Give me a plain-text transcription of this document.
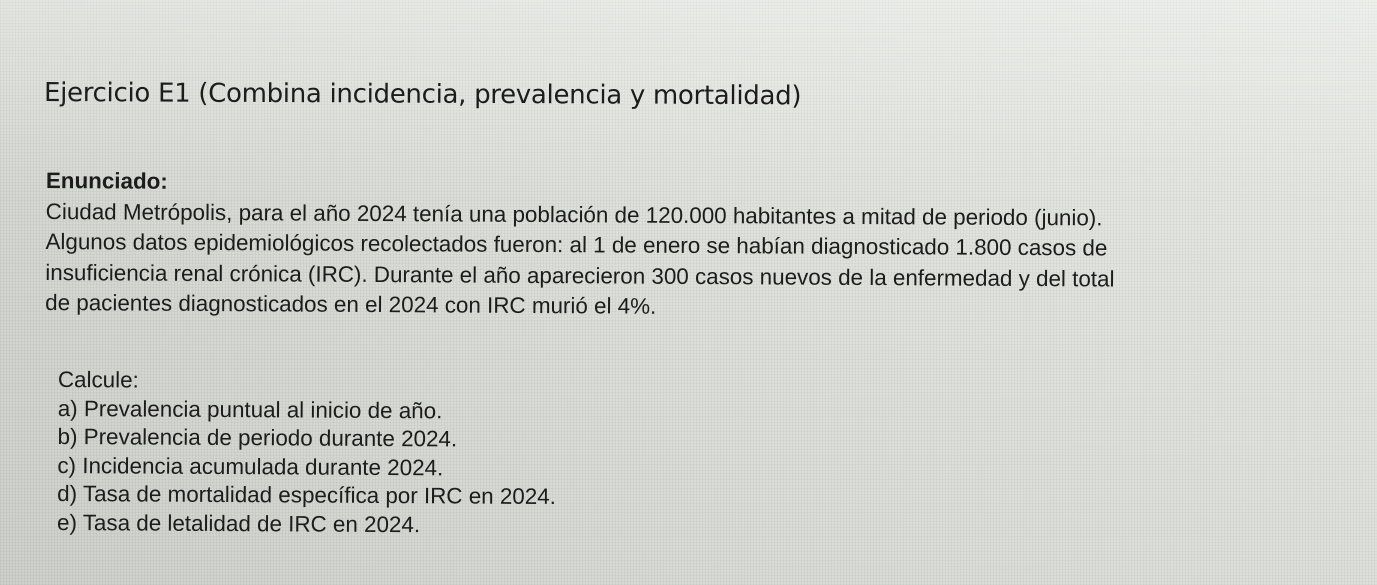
Ejercicio E1 (Combina incidencia, prevalencia y mortalidad)
Enunciado:
Ciudad Metrópolis, para el año 2024 tenía una población de 120.000 habitantes a mitad de periodo (junio).
Algunos datos epidemiológicos recolectados fueron: al 1 de enero se habían diagnosticado 1.800 casos de
insuficiencia renal crónica (IRC). Durante el año aparecieron 300 casos nuevos de la enfermedad y del total
de pacientes diagnosticados en el 2024 con IRC murió el 4%.
Calcule:
a) Prevalencia puntual al inicio de año.
b) Prevalencia de periodo durante 2024.
c) Incidencia acumulada durante 2024.
d) Tasa de mortalidad específica por IRC en 2024.
e) Tasa de letalidad de IRC en 2024.
